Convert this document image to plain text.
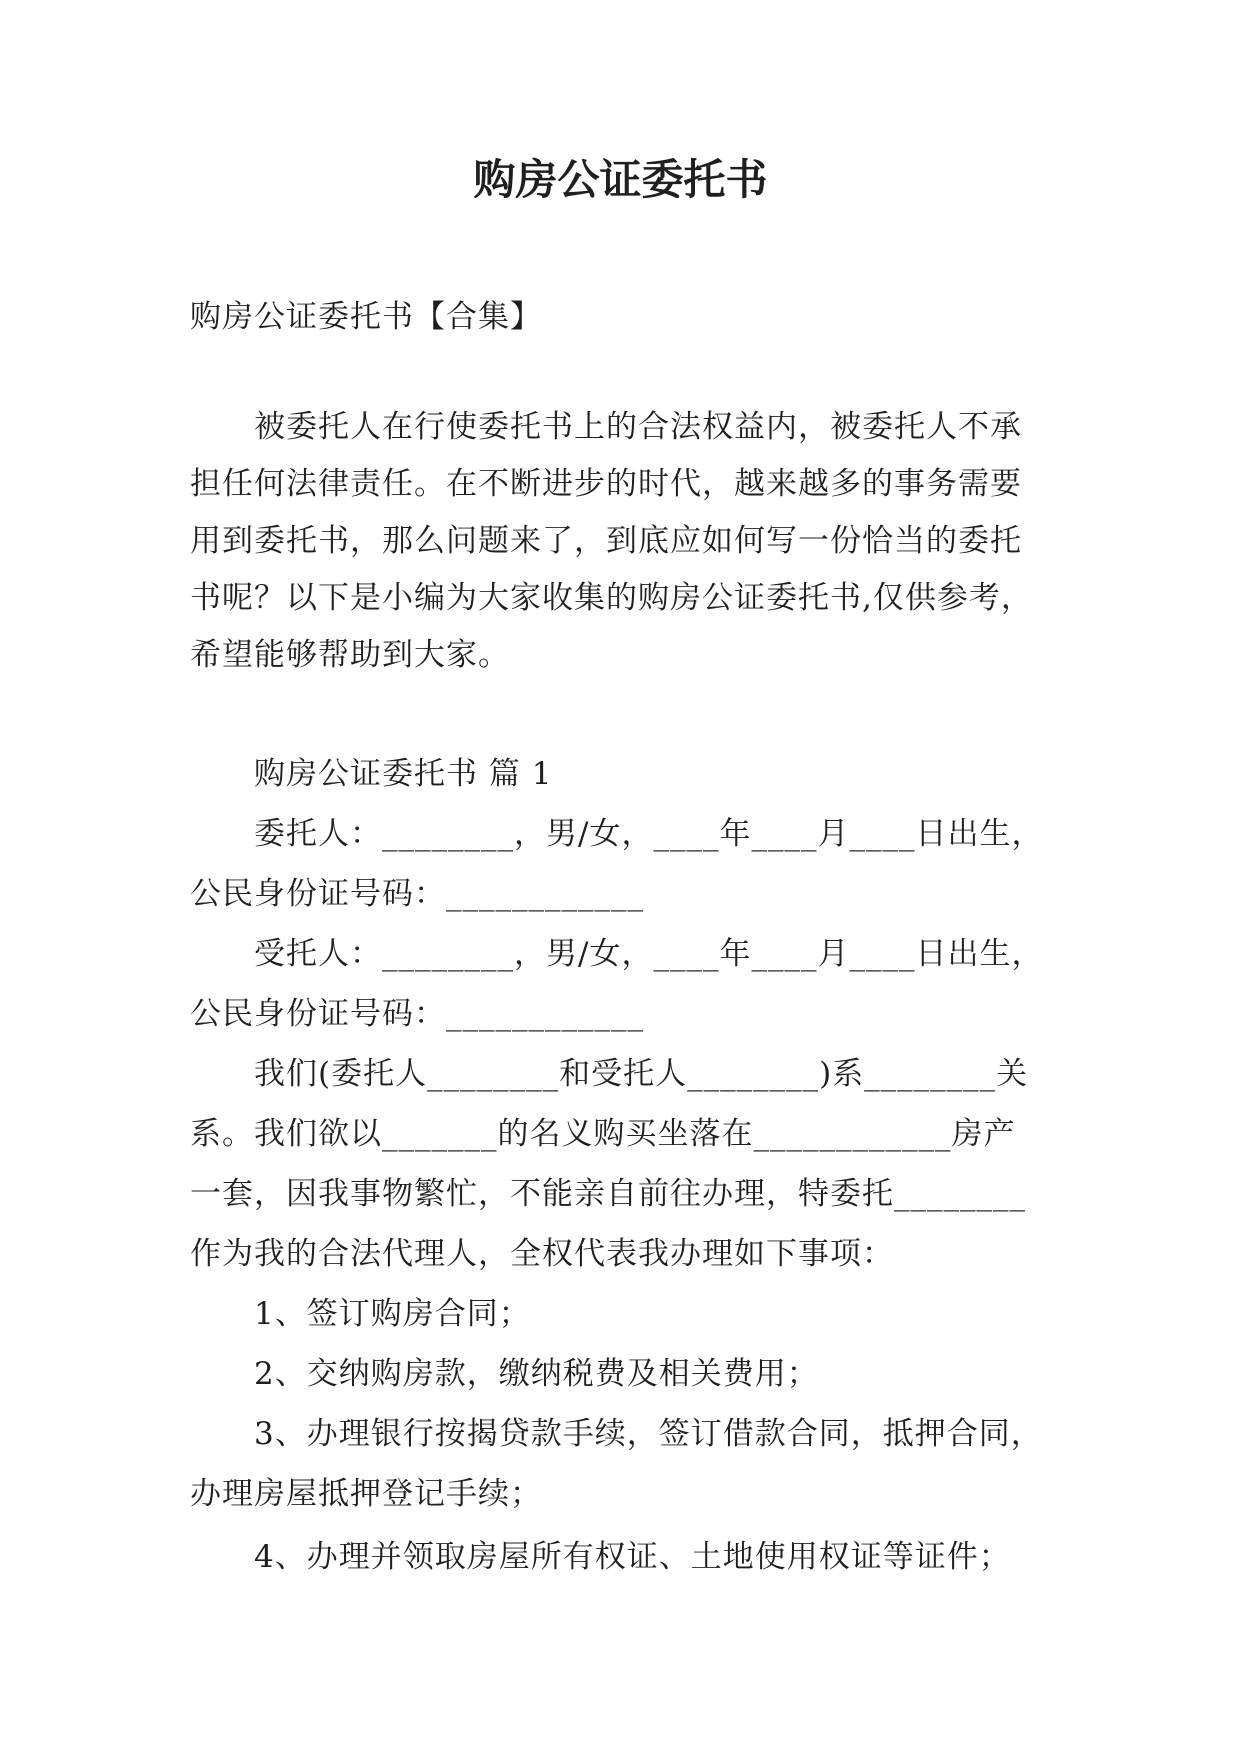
购房公证委托书
购房公证委托书【合集】
被委托人在行使委托书上的合法权益内，被委托人不承
担任何法律责任。在不断进步的时代，越来越多的事务需要
用到委托书，那么问题来了，到底应如何写一份恰当的委托
书呢？以下是小编为大家收集的购房公证委托书,仅供参考，
希望能够帮助到大家。
购房公证委托书 篇 1
委托人：________，男/女，____年____月____日出生，
公民身份证号码：____________
受托人：________，男/女，____年____月____日出生，
公民身份证号码：____________
我们(委托人________和受托人________)系________关
系。我们欲以_______的名义购买坐落在____________房产
一套，因我事物繁忙，不能亲自前往办理，特委托________
作为我的合法代理人，全权代表我办理如下事项：
1、签订购房合同；
2、交纳购房款，缴纳税费及相关费用；
3、办理银行按揭贷款手续，签订借款合同，抵押合同，
办理房屋抵押登记手续；
4、办理并领取房屋所有权证、土地使用权证等证件；
